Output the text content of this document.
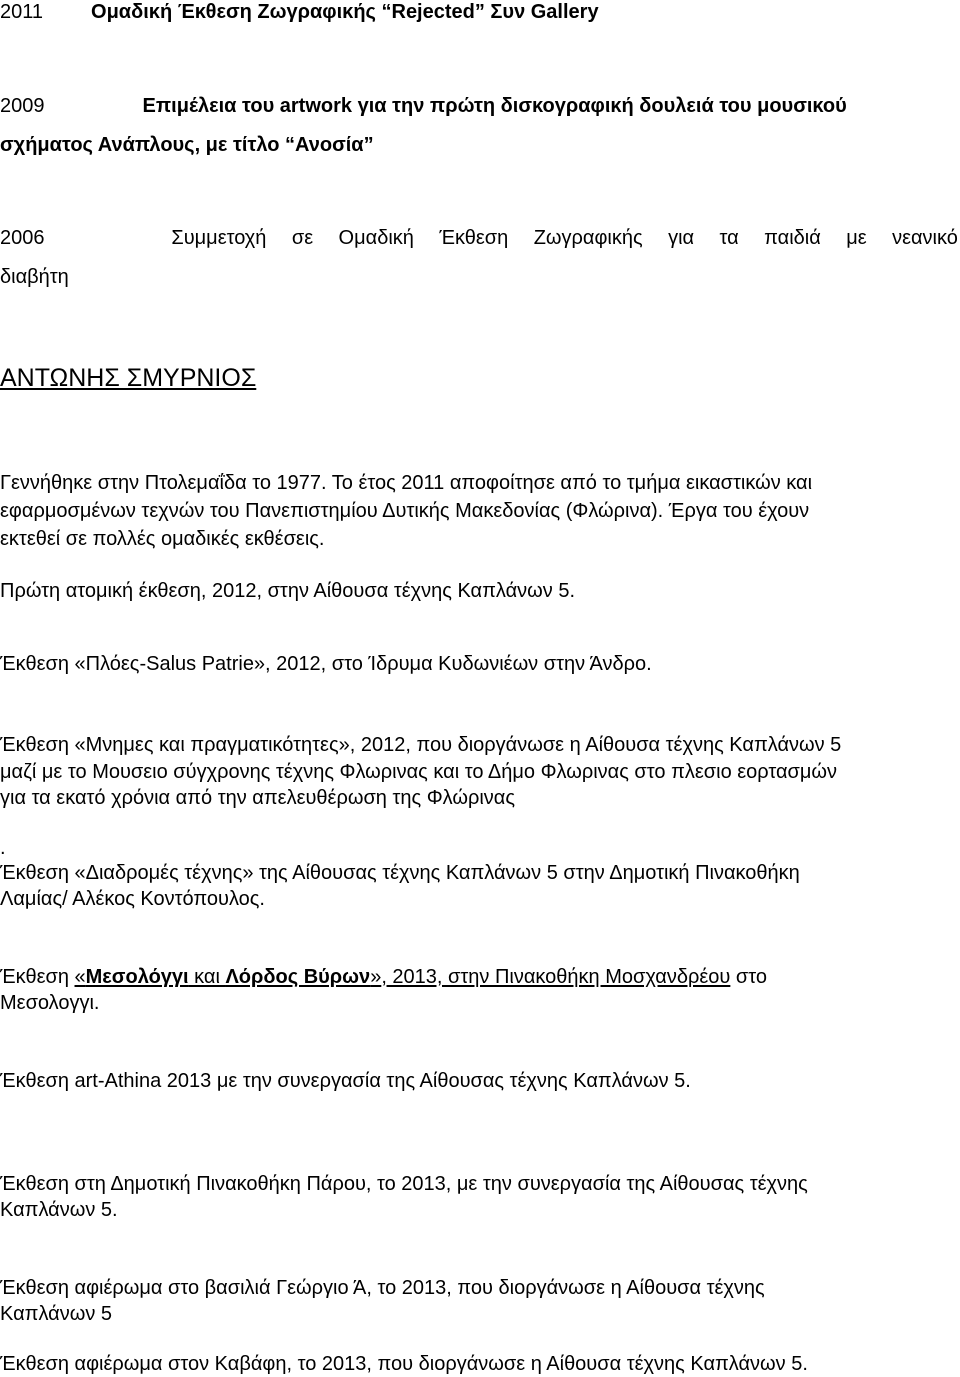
2011 Ομαδική Έκθεση Ζωγραφικής “Rejected” Συν Gallery
2009	Επιμέλεια του artwork για την πρώτη δισκογραφική δουλειά του μουσικού
σχήματος Ανάπλους, με τίτλο “Ανοσία”
2006	Συμμετοχή σε Ομαδική Έκθεση Ζωγραφικής για τα παιδιά με νεανικό
διαβήτη
ΑΝΤΩΝΗΣ ΣΜΥΡΝΙΟΣ
Γεννήθηκε στην Πτολεμαΐδα το 1977. Το έτος 2011 αποφοίτησε από το τμήμα εικαστικών και
εφαρμοσμένων τεχνών του Πανεπιστημίου Δυτικής Μακεδονίας (Φλώρινα). Έργα του έχουν
εκτεθεί σε πολλές ομαδικές εκθέσεις.
Πρώτη ατομική έκθεση, 2012, στην Αίθουσα τέχνης Καπλάνων 5.
Έκθεση «Πλόες-Salus Patrie», 2012, στο Ίδρυμα Κυδωνιέων στην Άνδρο.
Έκθεση «Μνημες και πραγματικότητες», 2012, που διοργάνωσε η Αίθουσα τέχνης Καπλάνων 5
μαζί με το Μουσειο σύγχρονης τέχνης Φλωρινας και το Δήμο Φλωρινας στο πλεσιο εορτασμών
για τα εκατό χρόνια από την απελευθέρωση της Φλώρινας
.
Έκθεση «Διαδρομές τέχνης» της Αίθουσας τέχνης Καπλάνων 5 στην Δημοτική Πινακοθήκη
Λαμίας/ Αλέκος Κοντόπουλος.
Έκθεση «Μεσολόγγι και Λόρδος Βύρων», 2013, στην Πινακοθήκη Μοσχανδρέου στο
Μεσολογγι.
Έκθεση art-Athina 2013 με την συνεργασία της Αίθουσας τέχνης Καπλάνων 5.
Έκθεση στη Δημοτική Πινακοθήκη Πάρου, το 2013, με την συνεργασία της Αίθουσας τέχνης
Καπλάνων 5.
Έκθεση αφιέρωμα στο βασιλιά Γεώργιο Ά, το 2013, που διοργάνωσε η Αίθουσα τέχνης
Καπλάνων 5
Έκθεση αφιέρωμα στον Καβάφη, το 2013, που διοργάνωσε η Αίθουσα τέχνης Καπλάνων 5.
